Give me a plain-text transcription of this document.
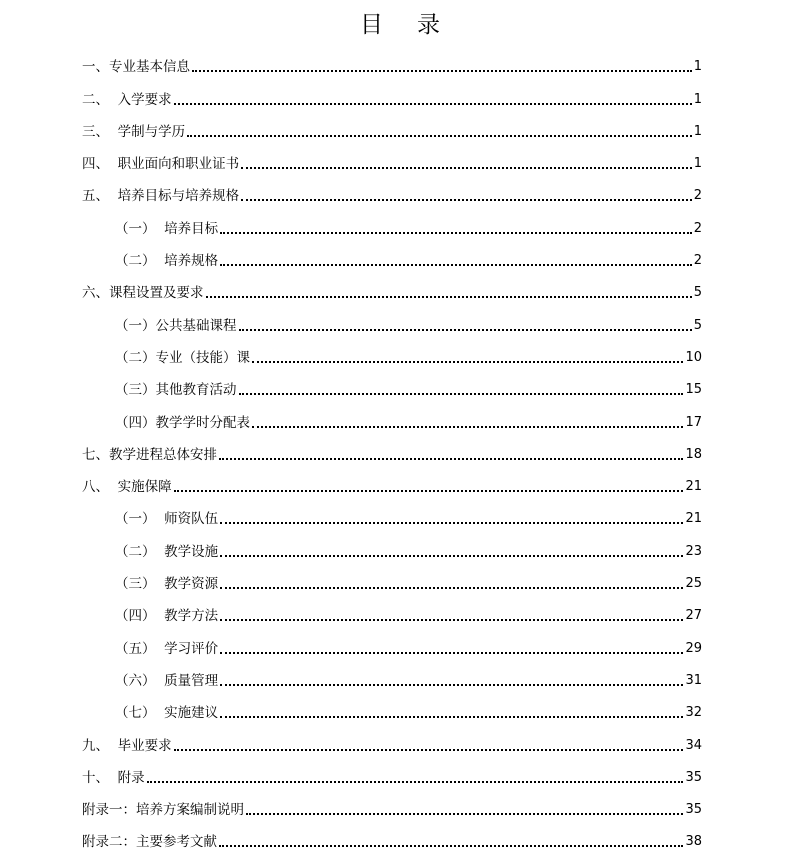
目录
一、专业基本信息	1
二、  入学要求	1
三、  学制与学历	1
四、  职业面向和职业证书	1
五、  培养目标与培养规格	2
（一）  培养目标	2
（二）  培养规格	2
六、课程设置及要求	5
（一）公共基础课程	5
（二）专业（技能）课	10
（三）其他教育活动	15
（四）教学学时分配表	17
七、教学进程总体安排	18
八、  实施保障	21
（一）  师资队伍	21
（二）  教学设施	23
（三）  教学资源	25
（四）  教学方法	27
（五）  学习评价	29
（六）  质量管理	31
（七）  实施建议	32
九、  毕业要求	34
十、  附录	35
附录一：培养方案编制说明	35
附录二：主要参考文献	38
